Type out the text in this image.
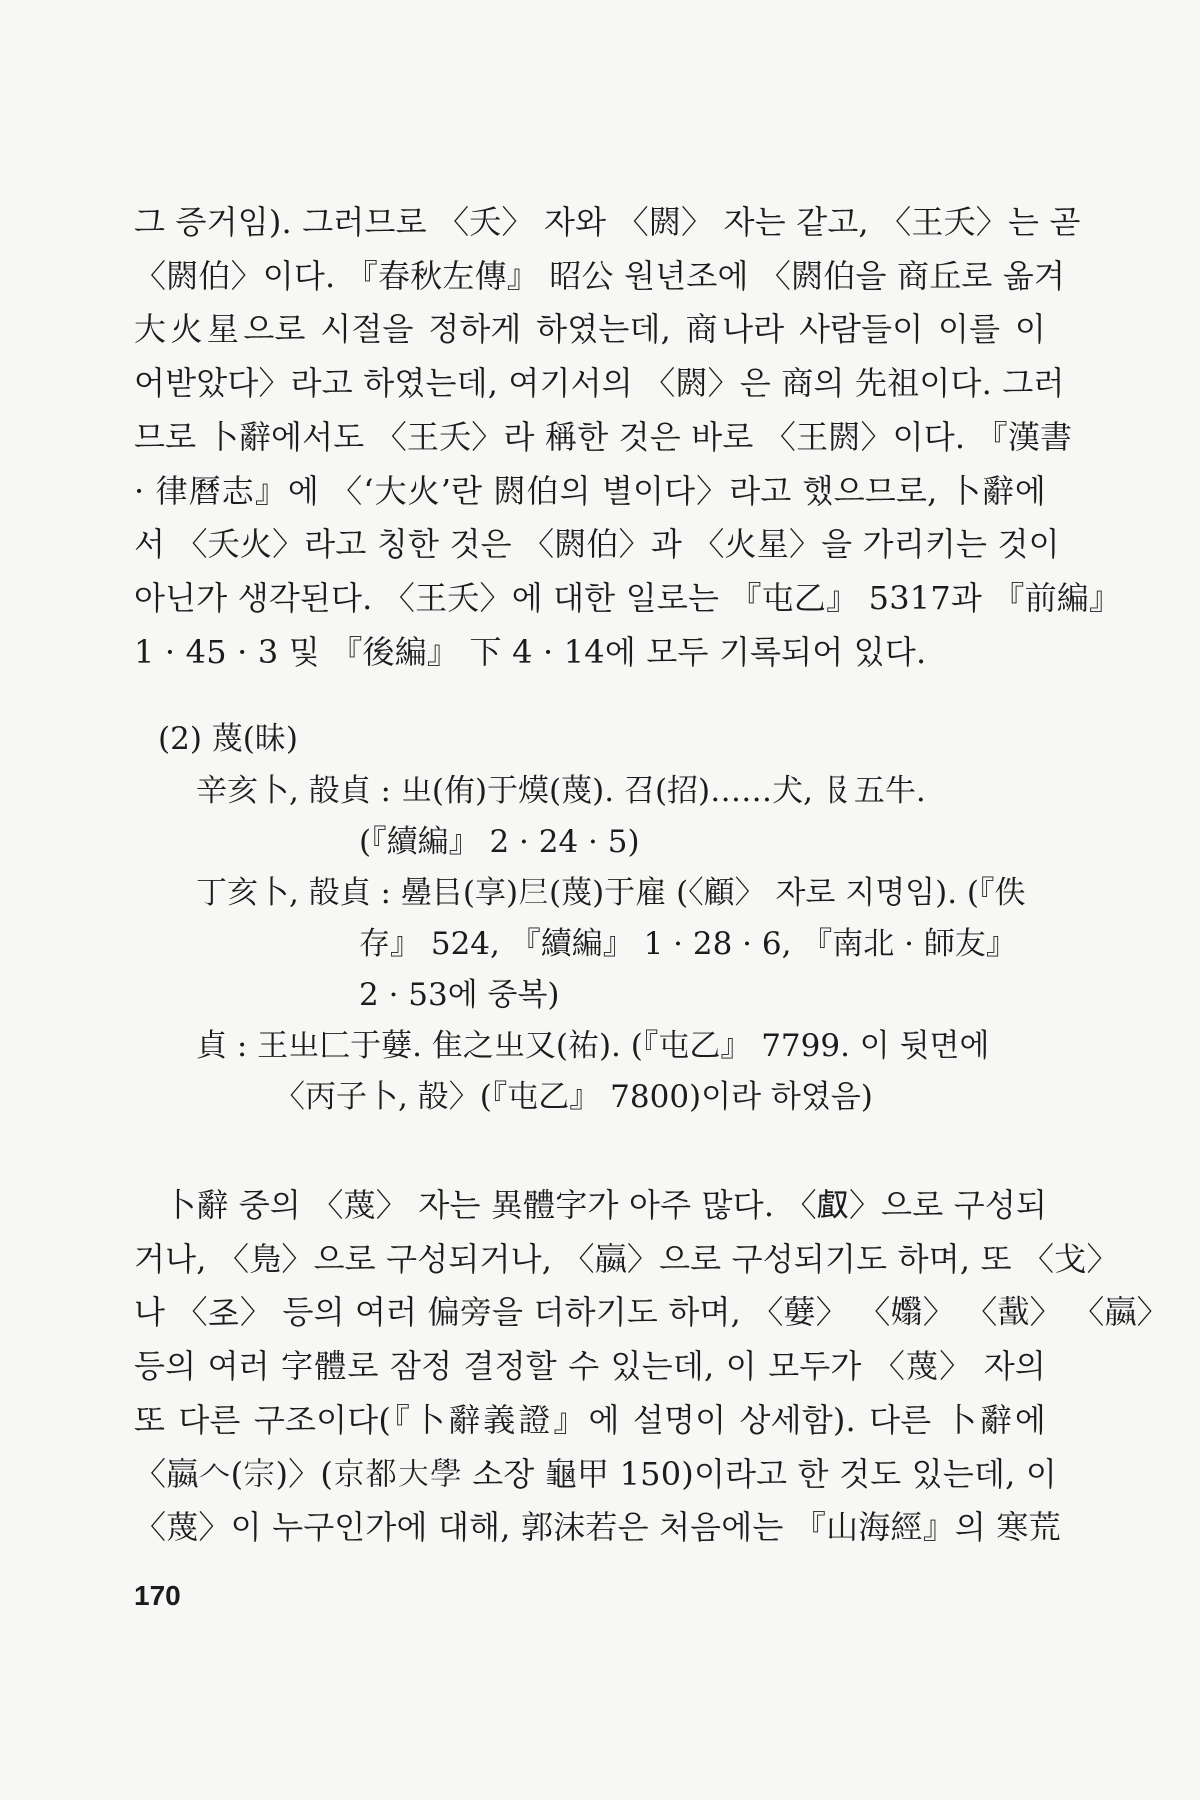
그 증거임). 그러므로 〈夭〉 자와 〈閼〉 자는 같고, 〈王夭〉는 곧
〈閼伯〉이다. 『春秋左傳』 昭公 원년조에 〈閼伯을 商丘로 옮겨
大火星으로 시절을 정하게 하였는데, 商나라 사람들이 이를 이
어받았다〉라고 하였는데, 여기서의 〈閼〉은 商의 先祖이다. 그러
므로 卜辭에서도 〈王夭〉라 稱한 것은 바로 〈王閼〉이다. 『漢書
· 律曆志』에 〈‘大火’란 閼伯의 별이다〉라고 했으므로, 卜辭에
서 〈夭火〉라고 칭한 것은 〈閼伯〉과 〈火星〉을 가리키는 것이
아닌가 생각된다. 〈王夭〉에 대한 일로는 『屯乙』 5317과 『前編』
1 · 45 · 3 및 『後編』 下 4 · 14에 모두 기록되어 있다.
(2) 蔑(昧)
辛亥卜, 㱿貞 : 㞢(侑)于㷬(蔑). 召(招)……犬, 𠬝五牛.
(『續編』 2 · 24 · 5)
丁亥卜, 㱿貞 : 㬪㠯(享)𡰥(蔑)于雇 (〈顧〉 자로 지명임). (『佚
存』 524, 『續編』 1 · 28 · 6, 『南北 · 師友』
2 · 53에 중복)
貞 : 王㞢匚于㜸. 隹之㞢又(祐). (『屯乙』 7799. 이 뒷면에
〈丙子卜, 㱿〉(『屯乙』 7800)이라 하였음)
卜辭 중의 〈蔑〉 자는 異體字가 아주 많다. 〈𠭯〉으로 구성되
거나, 〈𠒎〉으로 구성되거나, 〈𡣍〉으로 구성되기도 하며, 또 〈戈〉
나 〈𢀖〉 등의 여러 偏旁을 더하기도 하며, 〈㜸〉 〈𡤖〉 〈𢧸〉 〈𡣍〉
등의 여러 字體로 잠정 결정할 수 있는데, 이 모두가 〈蔑〉 자의
또 다른 구조이다(『卜辭義證』에 설명이 상세함). 다른 卜辭에
〈𡣍𠆢(宗)〉(京都大學 소장 龜甲 150)이라고 한 것도 있는데, 이
〈蔑〉이 누구인가에 대해, 郭沫若은 처음에는 『山海經』의 寒荒
170
